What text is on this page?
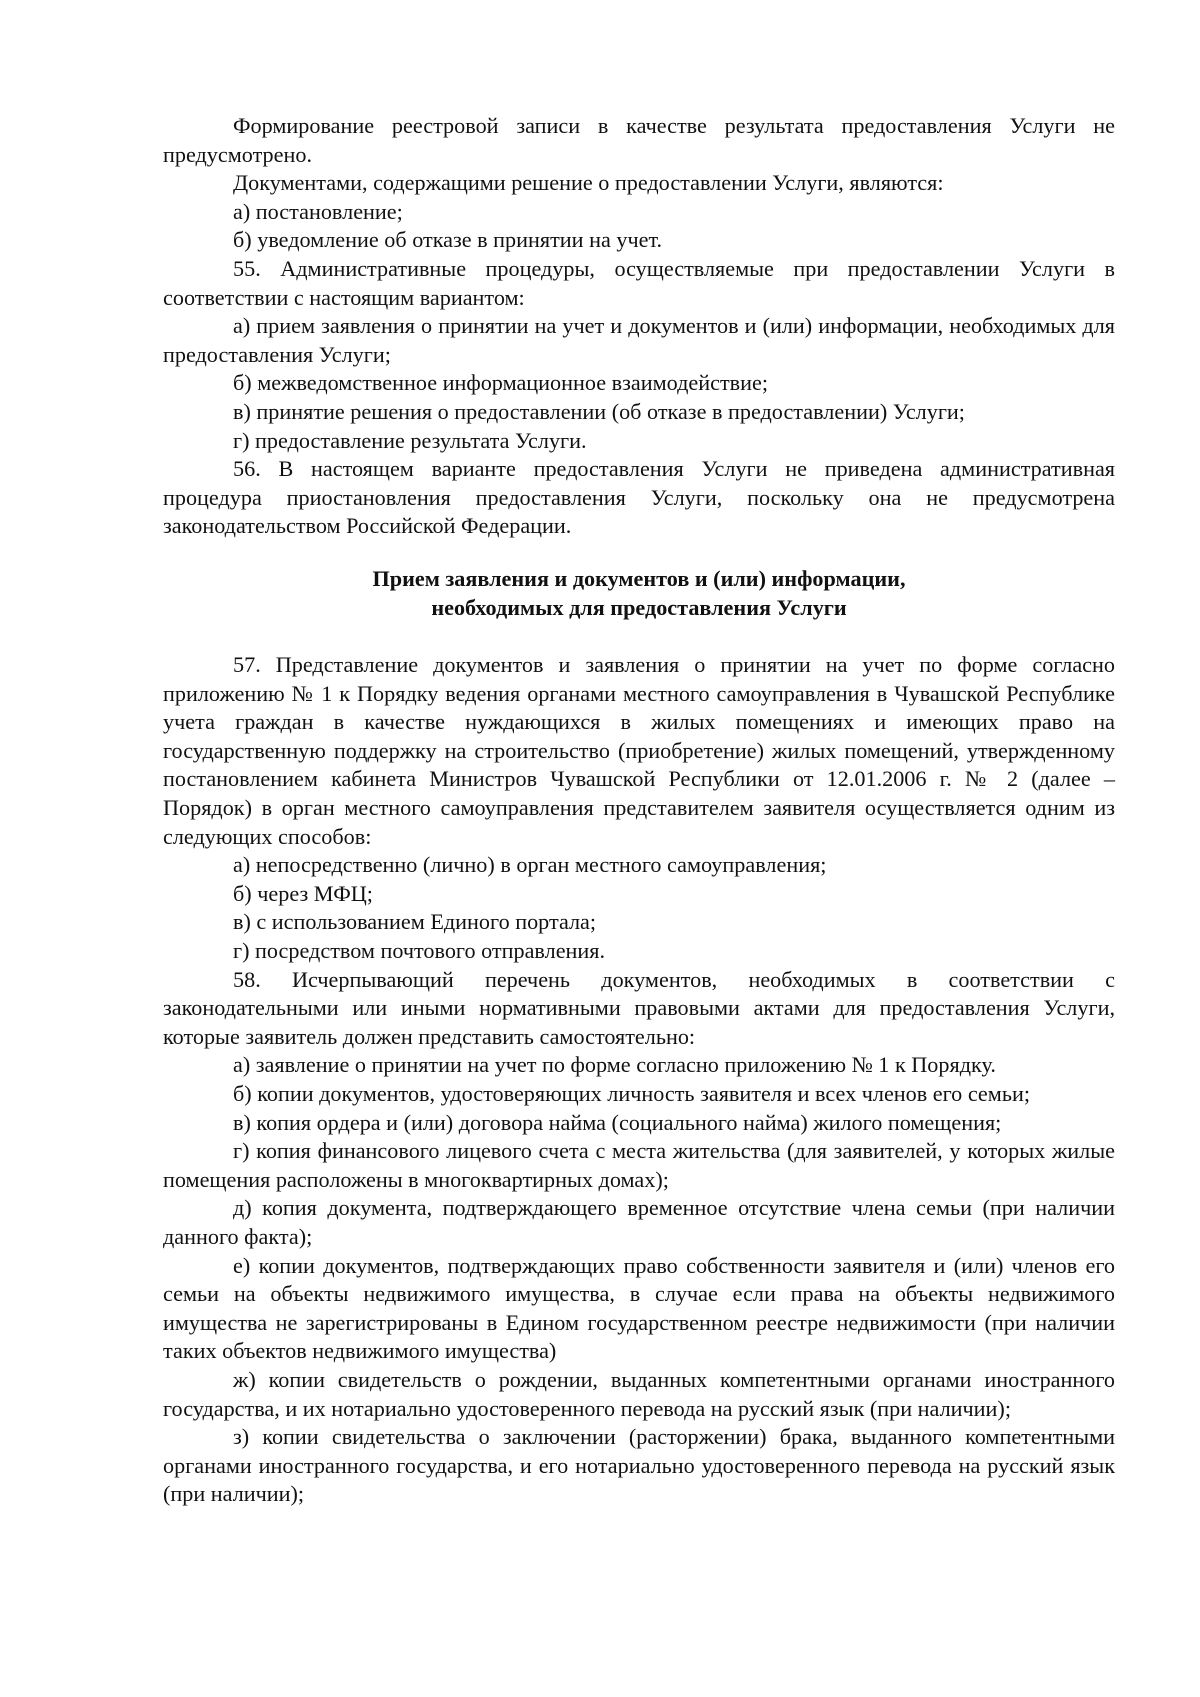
Формирование реестровой записи в качестве результата предоставления Услуги не предусмотрено.

Документами, содержащими решение о предоставлении Услуги, являются:

а) постановление;

б) уведомление об отказе в принятии на учет.

55. Административные процедуры, осуществляемые при предоставлении Услуги в соответствии с настоящим вариантом:

а) прием заявления о принятии на учет и документов и (или) информации, необходимых для предоставления Услуги;

б) межведомственное информационное взаимодействие;

в) принятие решения о предоставлении (об отказе в предоставлении) Услуги;

г) предоставление результата Услуги.

56. В настоящем варианте предоставления Услуги не приведена административная процедура приостановления предоставления Услуги, поскольку она не предусмотрена законодательством Российской Федерации.

Прием заявления и документов и (или) информации,
необходимых для предоставления Услуги

57. Представление документов и заявления о принятии на учет по форме согласно приложению № 1 к Порядку ведения органами местного самоуправления в Чувашской Республике учета граждан в качестве нуждающихся в жилых помещениях и имеющих право на государственную поддержку на строительство (приобретение) жилых помещений, утвержденному постановлением кабинета Министров Чувашской Республики от 12.01.2006 г. № 2 (далее – Порядок) в орган местного самоуправления представителем заявителя осуществляется одним из следующих способов:

а) непосредственно (лично) в орган местного самоуправления;

б) через МФЦ;

в) с использованием Единого портала;

г) посредством почтового отправления.

58. Исчерпывающий перечень документов, необходимых в соответствии с законодательными или иными нормативными правовыми актами для предоставления Услуги, которые заявитель должен представить самостоятельно:

а) заявление о принятии на учет по форме согласно приложению № 1 к Порядку.

б) копии документов, удостоверяющих личность заявителя и всех членов его семьи;

в) копия ордера и (или) договора найма (социального найма) жилого помещения;

г) копия финансового лицевого счета с места жительства (для заявителей, у которых жилые помещения расположены в многоквартирных домах);

д) копия документа, подтверждающего временное отсутствие члена семьи (при наличии данного факта);

е) копии документов, подтверждающих право собственности заявителя и (или) членов его семьи на объекты недвижимого имущества, в случае если права на объекты недвижимого имущества не зарегистрированы в Едином государственном реестре недвижимости (при наличии таких объектов недвижимого имущества)

ж) копии свидетельств о рождении, выданных компетентными органами иностранного государства, и их нотариально удостоверенного перевода на русский язык (при наличии);

з) копии свидетельства о заключении (расторжении) брака, выданного компетентными органами иностранного государства, и его нотариально удостоверенного перевода на русский язык (при наличии);
